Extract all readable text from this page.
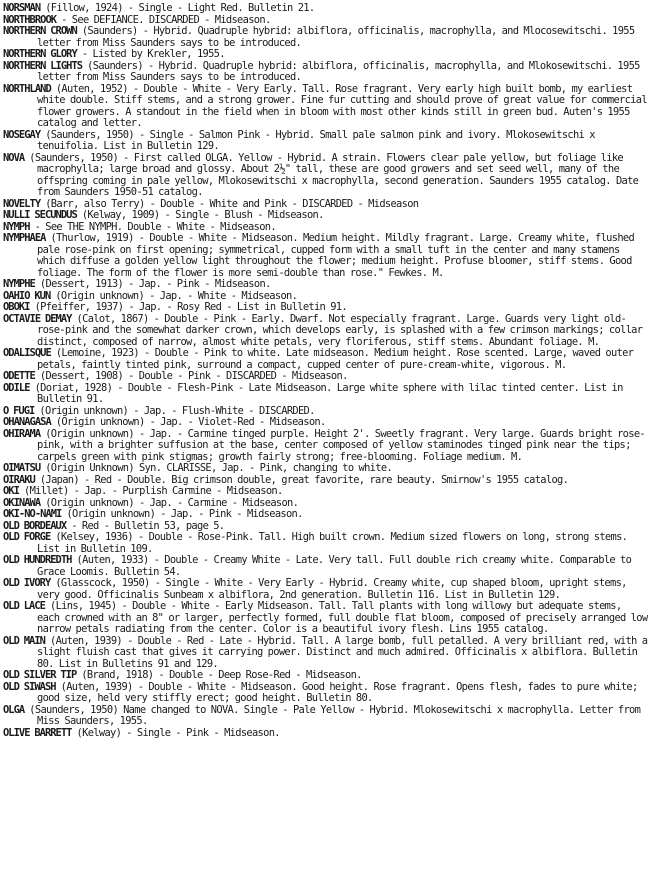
NORSMAN (Fillow, 1924) - Single - Light Red. Bulletin 21.

NORTHBROOK - See DEFIANCE. DISCARDED - Midseason.

NORTHERN CROWN (Saunders) - Hybrid. Quadruple hybrid: albiflora, officinalis, macrophylla, and Mlocosewitschi. 1955 letter from Miss Saunders says to be introduced.

NORTHERN GLORY - Listed by Krekler, 1955.

NORTHERN LIGHTS (Saunders) - Hybrid. Quadruple hybrid: albiflora, officinalis, macrophylla, and Mlokosewitschi. 1955 letter from Miss Saunders says to be introduced.

NORTHLAND (Auten, 1952) - Double - White - Very Early. Tall. Rose fragrant. Very early high built bomb, my earliest white double. Stiff stems, and a strong grower. Fine fur cutting and should prove of great value for commercial flower growers. A standout in the field when in bloom with most other kinds still in green bud. Auten's 1955 catalog and letter.

NOSEGAY (Saunders, 1950) - Single - Salmon Pink - Hybrid. Small pale salmon pink and ivory. Mlokosewitschi x tenuifolia. List in Bulletin 129.

NOVA (Saunders, 1950) - First called OLGA. Yellow - Hybrid. A strain. Flowers clear pale yellow, but foliage like macrophylla; large broad and glossy. About 2½" tall, these are good growers and set seed well, many of the offspring coming in pale yellow, Mlokosewitschi x macrophylla, second generation. Saunders 1955 catalog. Date from Saunders 1950-51 catalog.

NOVELTY (Barr, also Terry) - Double - White and Pink - DISCARDED - Midseason

NULLI SECUNDUS (Kelway, 1909) - Single - Blush - Midseason.

NYMPH - See THE NYMPH. Double - White - Midseason.

NYMPHAEA (Thurlow, 1919) - Double - White - Midseason. Medium height. Mildly fragrant. Large. Creamy white, flushed pale rose-pink on first opening; symmetrical, cupped form with a small tuft in the center and many stamens which diffuse a golden yellow light throughout the flower; medium height. Profuse bloomer, stiff stems. Good foliage. The form of the flower is more semi-double than rose." Fewkes. M.

NYMPHE (Dessert, 1913) - Jap. - Pink - Midseason.

OAHIO KUN (Origin unknown) - Jap. - White - Midseason.

OBOKI (Pfeiffer, 1937) - Jap. - Rosy Red - List in Bulletin 91.

OCTAVIE DEMAY (Calot, 1867) - Double - Pink - Early. Dwarf. Not especially fragrant. Large. Guards very light old-rose-pink and the somewhat darker crown, which develops early, is splashed with a few crimson markings; collar distinct, composed of narrow, almost white petals, very floriferous, stiff stems. Abundant foliage. M.

ODALISQUE (Lemoine, 1923) - Double - Pink to white. Late midseason. Medium height. Rose scented. Large, waved outer petals, faintly tinted pink, surround a compact, cupped center of pure-cream-white, vigorous. M.

ODETTE (Dessert, 1908) - Double - Pink - DISCARDED - Midseason.

ODILE (Doriat, 1928) - Double - Flesh-Pink - Late Midseason. Large white sphere with lilac tinted center. List in Bulletin 91.

O FUGI (Origin unknown) - Jap. - Flush-White - DISCARDED.

OHANAGASA (Origin unknown) - Jap. - Violet-Red - Midseason.

OHIRAMA (Origin unknown) - Jap. - Carmine tinged purple. Height 2'. Sweetly fragrant. Very large. Guards bright rose-pink, with a brighter suffusion at the base, center composed of yellow staminodes tinged pink near the tips; carpels green with pink stigmas; growth fairly strong; free-blooming. Foliage medium. M.

OIMATSU (Origin Unknown) Syn. CLARISSE, Jap. - Pink, changing to white.

OIRAKU (Japan) - Red - Double. Big crimson double, great favorite, rare beauty. Smirnow's 1955 catalog.

OKI (Millet) - Jap. - Purplish Carmine - Midseason.

OKINAWA (Origin unknown) - Jap. - Carmine - Midseason.

OKI-NO-NAMI (Origin unknown) - Jap. - Pink - Midseason.

OLD BORDEAUX - Red - Bulletin 53, page 5.

OLD FORGE (Kelsey, 1936) - Double - Rose-Pink. Tall. High built crown. Medium sized flowers on long, strong stems. List in Bulletin 109.

OLD HUNDREDTH (Auten, 1933) - Double - Creamy White - Late. Very tall. Full double rich creamy white. Comparable to Grace Loomis. Bulletin 54.

OLD IVORY (Glasscock, 1950) - Single - White - Very Early - Hybrid. Creamy white, cup shaped bloom, upright stems, very good. Officinalis Sunbeam x albiflora, 2nd generation. Bulletin 116. List in Bulletin 129.

OLD LACE (Lins, 1945) - Double - White - Early Midseason. Tall. Tall plants with long willowy but adequate stems, each crowned with an 8" or larger, perfectly formed, full double flat bloom, composed of precisely arranged low narrow petals radiating from the center. Color is a beautiful ivory flesh. Lins 1955 catalog.

OLD MAIN (Auten, 1939) - Double - Red - Late - Hybrid. Tall. A large bomb, full petalled. A very brilliant red, with a slight fluish cast that gives it carrying power. Distinct and much admired. Officinalis x albiflora. Bulletin 80. List in Bulletins 91 and 129.

OLD SILVER TIP (Brand, 1918) - Double - Deep Rose-Red - Midseason.

OLD SIWASH (Auten, 1939) - Double - White - Midseason. Good height. Rose fragrant. Opens flesh, fades to pure white; good size, held very stiffly erect; good height. Bulletin 80.

OLGA (Saunders, 1950) Name changed to NOVA. Single - Pale Yellow - Hybrid. Mlokosewitschi x macrophylla. Letter from Miss Saunders, 1955.

OLIVE BARRETT (Kelway) - Single - Pink - Midseason.
